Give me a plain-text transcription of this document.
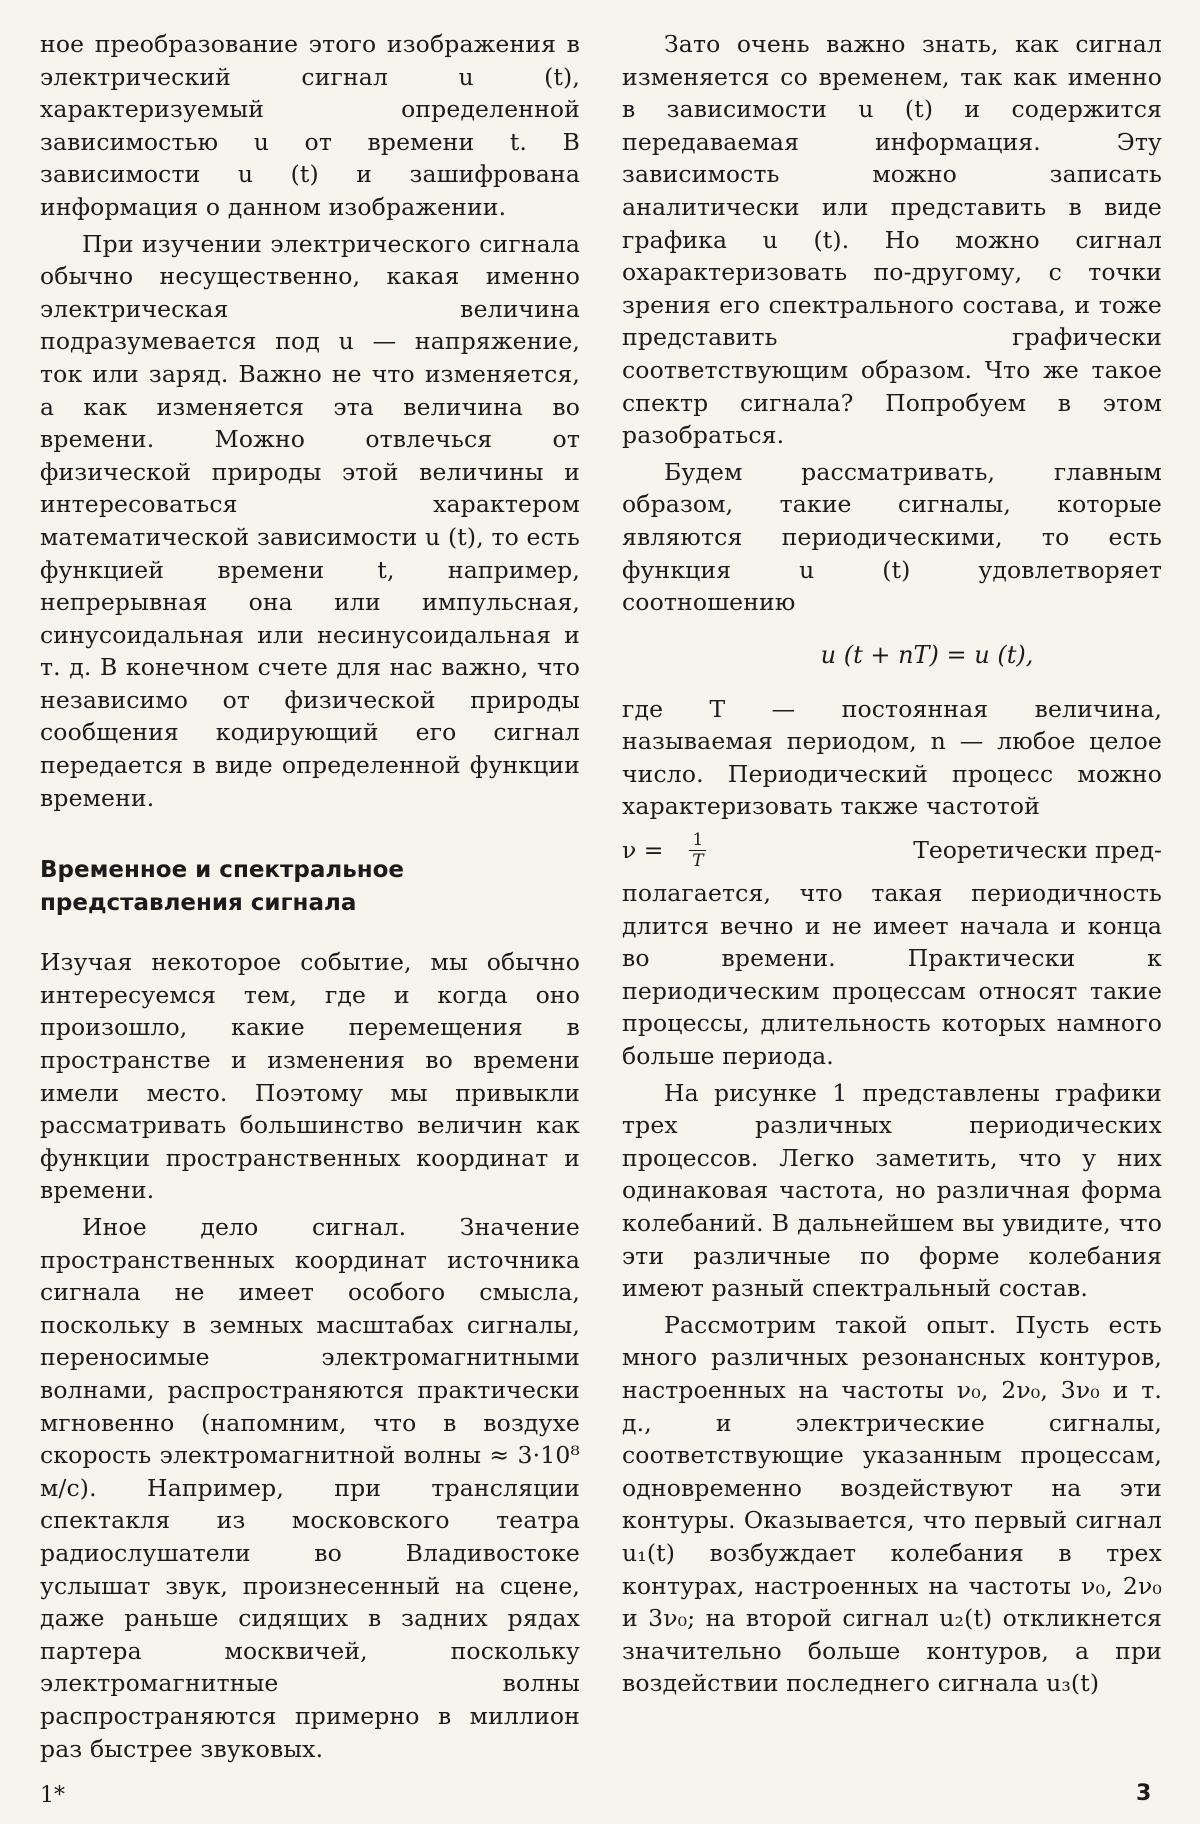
ное преобразование этого изображения в электрический сигнал u (t), характеризуемый определенной зависимостью u от времени t. В зависимости u (t) и зашифрована информация о данном изображении.

При изучении электрического сигнала обычно несущественно, какая именно электрическая величина подразумевается под u — напряжение, ток или заряд. Важно не что изменяется, а как изменяется эта величина во времени. Можно отвлечься от физической природы этой величины и интересоваться характером математической зависимости u (t), то есть функцией времени t, например, непрерывная она или импульсная, синусоидальная или несинусоидальная и т. д. В конечном счете для нас важно, что независимо от физической природы сообщения кодирующий его сигнал передается в виде определенной функции времени.

Временное и спектральное
представления сигнала

Изучая некоторое событие, мы обычно интересуемся тем, где и когда оно произошло, какие перемещения в пространстве и изменения во времени имели место. Поэтому мы привыкли рассматривать большинство величин как функции пространственных координат и времени.

Иное дело сигнал. Значение пространственных координат источника сигнала не имеет особого смысла, поскольку в земных масштабах сигналы, переносимые электромагнитными волнами, распространяются практически мгновенно (напомним, что в воздухе скорость электромагнитной волны ≈ 3·10⁸ м/с). Например, при трансляции спектакля из московского театра радиослушатели во Владивостоке услышат звук, произнесенный на сцене, даже раньше сидящих в задних рядах партера москвичей, поскольку электромагнитные волны распространяются примерно в миллион раз быстрее звуковых.

Зато очень важно знать, как сигнал изменяется со временем, так как именно в зависимости u (t) и содержится передаваемая информация. Эту зависимость можно записать аналитически или представить в виде графика u (t). Но можно сигнал охарактеризовать по-другому, с точки зрения его спектрального состава, и тоже представить графически соответствующим образом. Что же такое спектр сигнала? Попробуем в этом разобраться.

Будем рассматривать, главным образом, такие сигналы, которые являются периодическими, то есть функция u (t) удовлетворяет соотношению

u (t + nT) = u (t),

где T — постоянная величина, называемая периодом, n — любое целое число. Периодический процесс можно характеризовать также частотой

$\nu = \frac{1}{T}$	Теоретически пред-

полагается, что такая периодичность длится вечно и не имеет начала и конца во времени. Практически к периодическим процессам относят такие процессы, длительность которых намного больше периода.

На рисунке 1 представлены графики трех различных периодических процессов. Легко заметить, что у них одинаковая частота, но различная форма колебаний. В дальнейшем вы увидите, что эти различные по форме колебания имеют разный спектральный состав.

Рассмотрим такой опыт. Пусть есть много различных резонансных контуров, настроенных на частоты ν₀, 2ν₀, 3ν₀ и т. д., и электрические сигналы, соответствующие указанным процессам, одновременно воздействуют на эти контуры. Оказывается, что первый сигнал u₁(t) возбуждает колебания в трех контурах, настроенных на частоты ν₀, 2ν₀ и 3ν₀; на второй сигнал u₂(t) откликнется значительно больше контуров, а при воздействии последнего сигнала u₃(t)

1*	3
